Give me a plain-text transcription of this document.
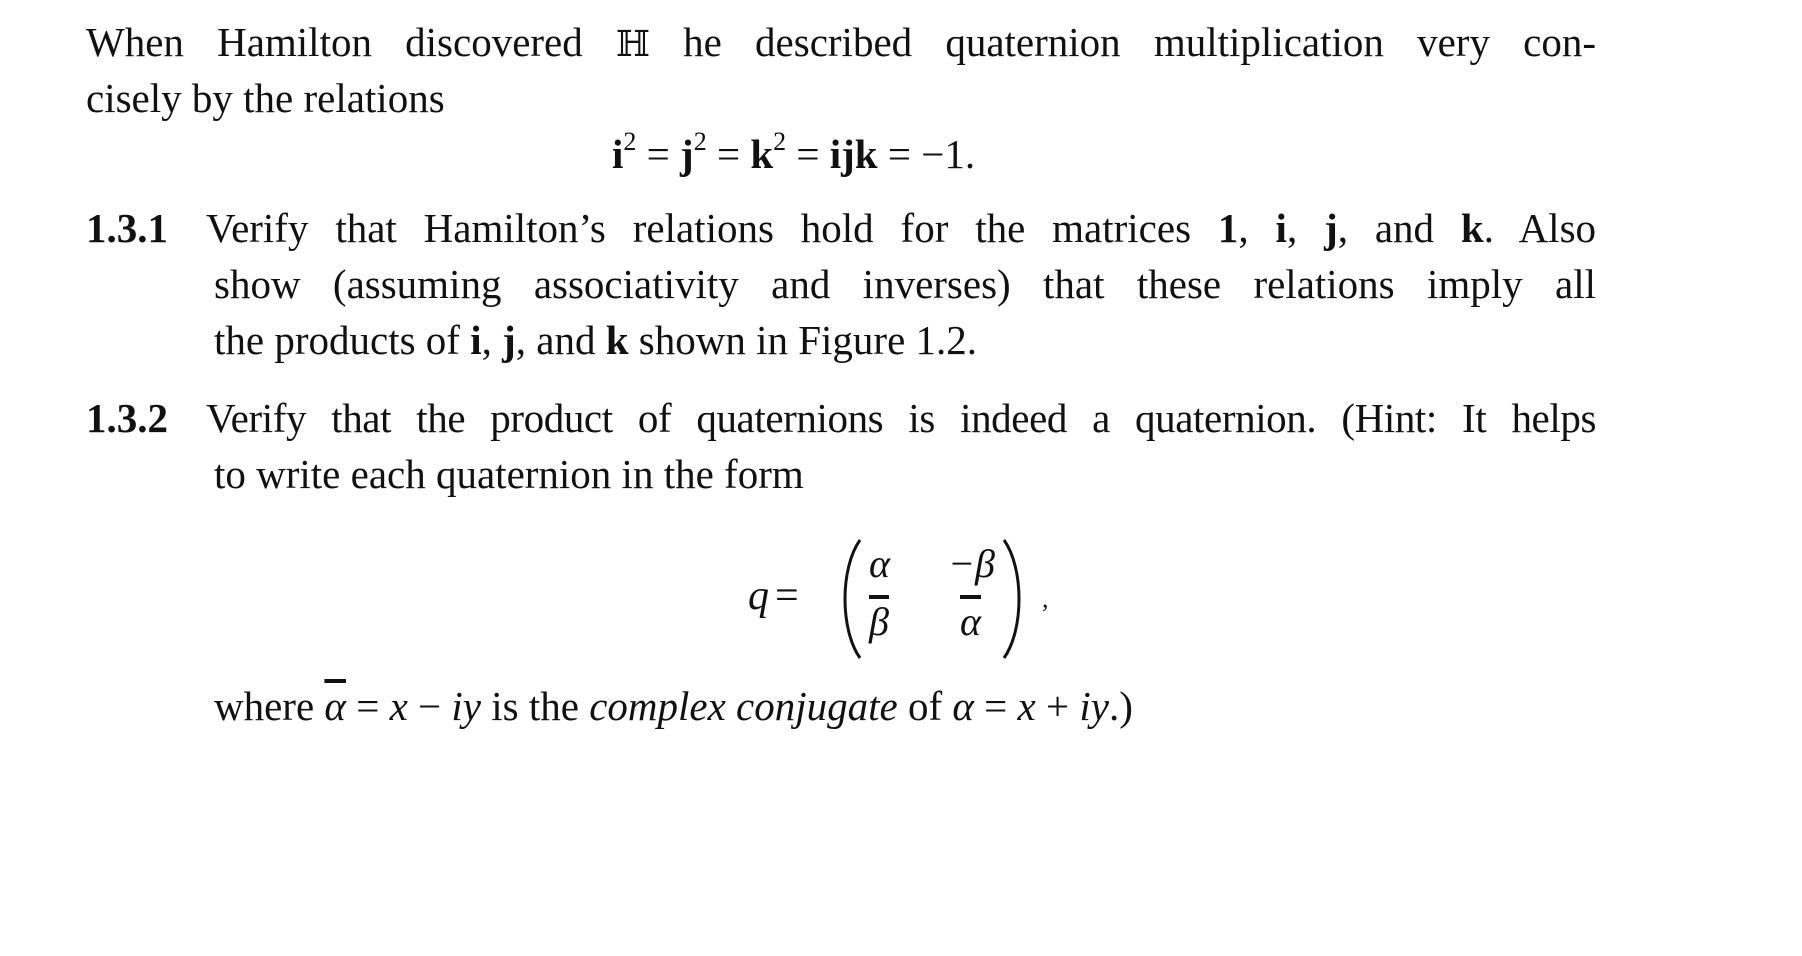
When Hamilton discovered ℍ he described quaternion multiplication very con-
cisely by the relations
$i^2 = j^2 = k^2$ = ijk = −1.
1.3.1 Verify that Hamilton’s relations hold for the matrices 1, i, j, and k. Also
show (assuming associativity and inverses) that these relations imply all
the products of i, j, and k shown in Figure 1.2.
1.3.2 Verify that the product of quaternions is indeed a quaternion. (Hint: It helps
to write each quaternion in the form
q =
α −β
$\overline{\beta}$ $\overline{\alpha}$
,
where $\overline{\alpha} = x$ − iy is the complex conjugate of α = x + iy.)
